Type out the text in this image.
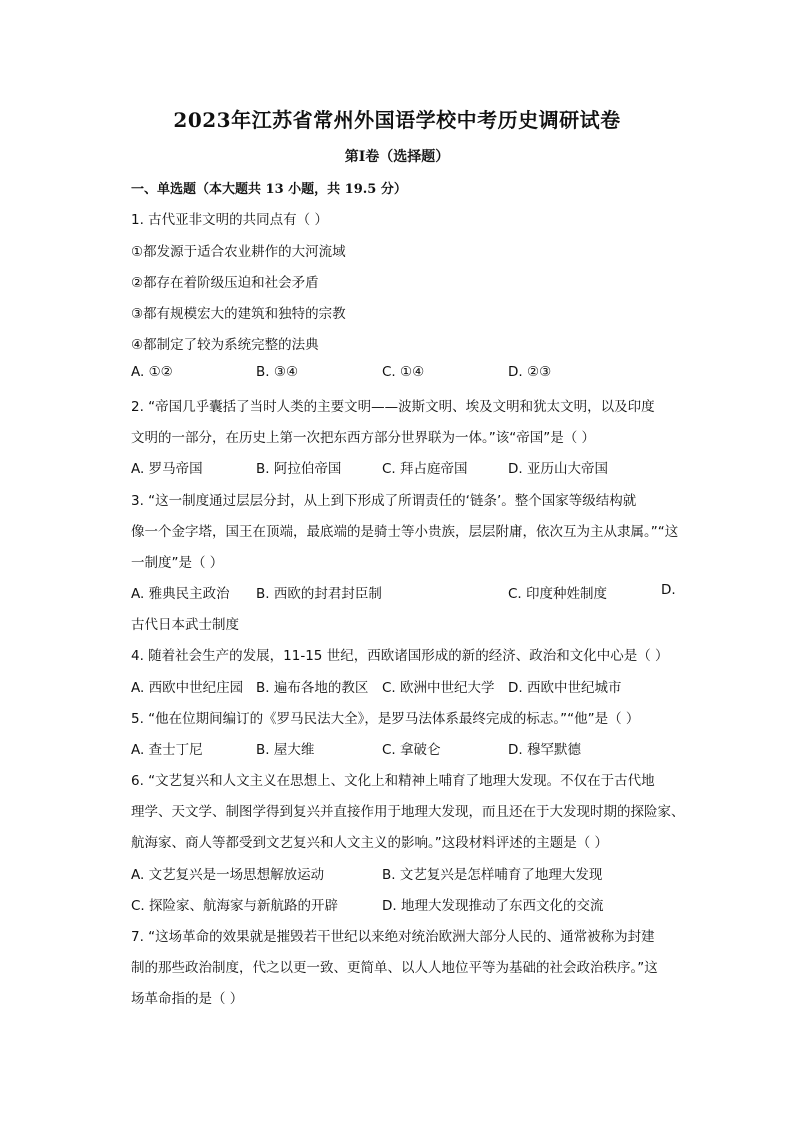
2023年江苏省常州外国语学校中考历史调研试卷
第Ⅰ卷（选择题）
一、单选题（本大题共 13 小题，共 19.5 分）
1. 古代亚非文明的共同点有（ ）
①都发源于适合农业耕作的大河流域
②都存在着阶级压迫和社会矛盾
③都有规模宏大的建筑和独特的宗教
④都制定了较为系统完整的法典
A. ①②	B. ③④	C. ①④	D. ②③
2. “帝国几乎囊括了当时人类的主要文明——波斯文明、埃及文明和犹太文明，以及印度
文明的一部分，在历史上第一次把东西方部分世界联为一体。”该“帝国”是（ ）
A. 罗马帝国	B. 阿拉伯帝国	C. 拜占庭帝国	D. 亚历山大帝国
3. “这一制度通过层层分封，从上到下形成了所谓责任的‘链条’。整个国家等级结构就
像一个金字塔，国王在顶端，最底端的是骑士等小贵族，层层附庸，依次互为主从隶属。”“这
一制度”是（ ）
A. 雅典民主政治 B. 西欧的封君封臣制	C. 印度种姓制度	D.
古代日本武士制度
4. 随着社会生产的发展，11-15 世纪，西欧诸国形成的新的经济、政治和文化中心是（ ）
A. 西欧中世纪庄园 B. 遍布各地的教区 C. 欧洲中世纪大学 D. 西欧中世纪城市
5. “他在位期间编订的《罗马民法大全》，是罗马法体系最终完成的标志。”“他”是（ ）
A. 查士丁尼	B. 屋大维	C. 拿破仑	D. 穆罕默德
6. “文艺复兴和人文主义在思想上、文化上和精神上哺育了地理大发现。不仅在于古代地
理学、天文学、制图学得到复兴并直接作用于地理大发现，而且还在于大发现时期的探险家、
航海家、商人等都受到文艺复兴和人文主义的影响。”这段材料评述的主题是（ ）
A. 文艺复兴是一场思想解放运动	B. 文艺复兴是怎样哺育了地理大发现
C. 探险家、航海家与新航路的开辟	D. 地理大发现推动了东西文化的交流
7. “这场革命的效果就是摧毁若干世纪以来绝对统治欧洲大部分人民的、通常被称为封建
制的那些政治制度，代之以更一致、更简单、以人人地位平等为基础的社会政治秩序。”这
场革命指的是（ ）
